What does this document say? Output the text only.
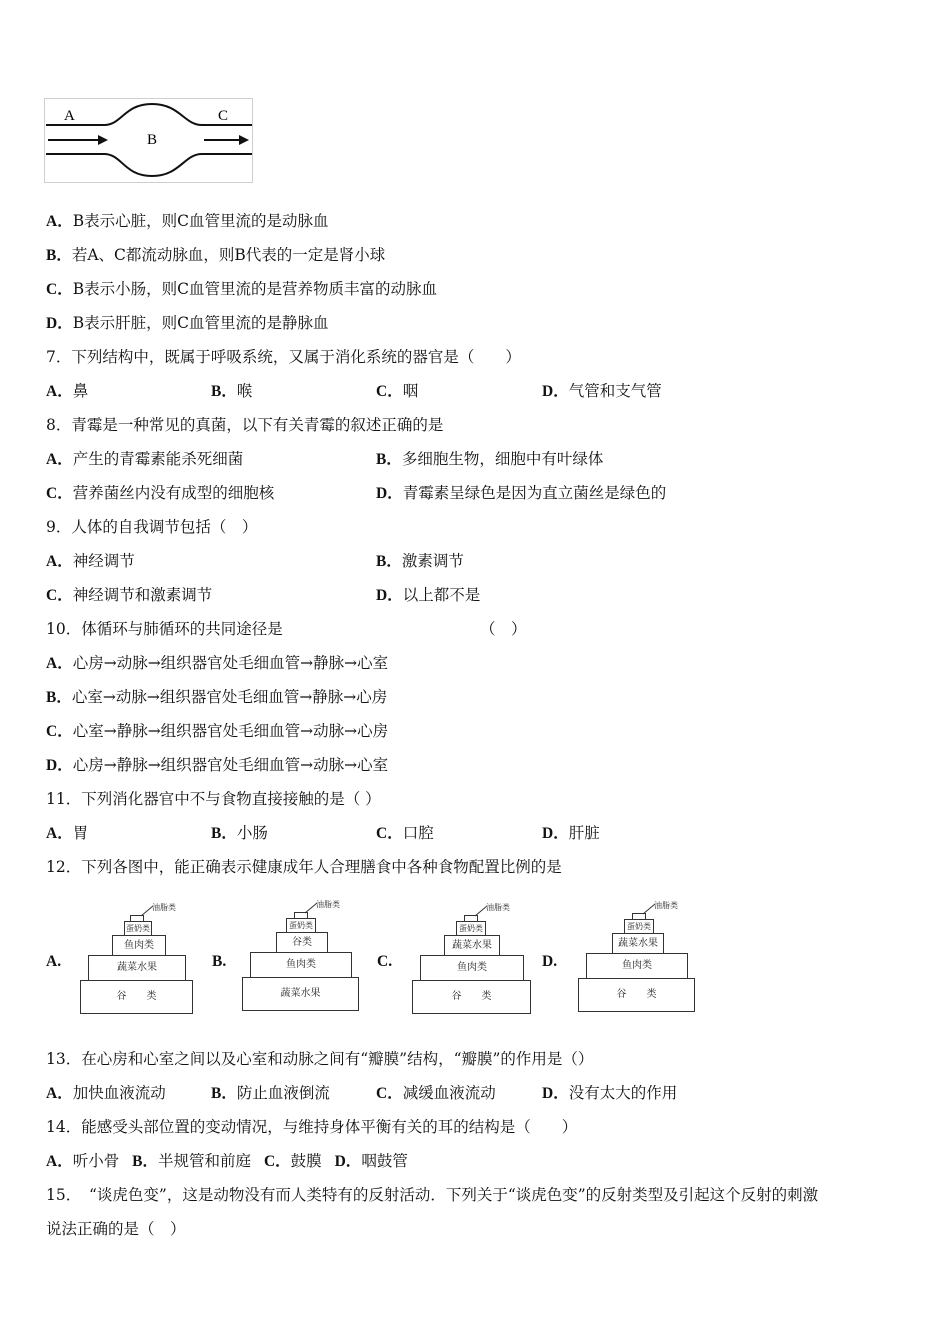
A
B
C
A．B表示心脏，则C血管里流的是动脉血
B．若A、C都流动脉血，则B代表的一定是肾小球
C．B表示小肠，则C血管里流的是营养物质丰富的动脉血
D．B表示肝脏，则C血管里流的是静脉血
7．下列结构中，既属于呼吸系统，又属于消化系统的器官是（　　）
A．鼻	B．喉	C．咽	D．气管和支气管
8．青霉是一种常见的真菌，以下有关青霉的叙述正确的是
A．产生的青霉素能杀死细菌	B．多细胞生物，细胞中有叶绿体
C．营养菌丝内没有成型的细胞核	D．青霉素呈绿色是因为直立菌丝是绿色的
9．人体的自我调节包括（　）
A．神经调节	B．激素调节
C．神经调节和激素调节	D．以上都不是
10．体循环与肺循环的共同途径是	（　）
A．心房→动脉→组织器官处毛细血管→静脉→心室
B．心室→动脉→组织器官处毛细血管→静脉→心房
C．心室→静脉→组织器官处毛细血管→动脉→心房
D．心房→静脉→组织器官处毛细血管→动脉→心室
11．下列消化器官中不与食物直接接触的是（ ）
A．胃	B．小肠	C．口腔	D．肝脏
12．下列各图中，能正确表示健康成年人合理膳食中各种食物配置比例的是
A.
谷　　类
蔬菜水果
鱼肉类
蛋奶类
油脂类
B.
蔬菜水果
鱼肉类
谷类
蛋奶类
油脂类
C.
谷　　类
鱼肉类
蔬菜水果
蛋奶类
油脂类
D.
谷　　类
鱼肉类
蔬菜水果
蛋奶类
油脂类
13．在心房和心室之间以及心室和动脉之间有“瓣膜”结构，“瓣膜”的作用是（）
A．加快血液流动	B．防止血液倒流	C．减缓血液流动	D．没有太大的作用
14．能感受头部位置的变动情况，与维持身体平衡有关的耳的结构是（　　）
A．听小骨 B．半规管和前庭 C．鼓膜 D．咽鼓管
15．　“谈虎色变”，这是动物没有而人类特有的反射活动．下列关于“谈虎色变”的反射类型及引起这个反射的刺激
说法正确的是（　）
